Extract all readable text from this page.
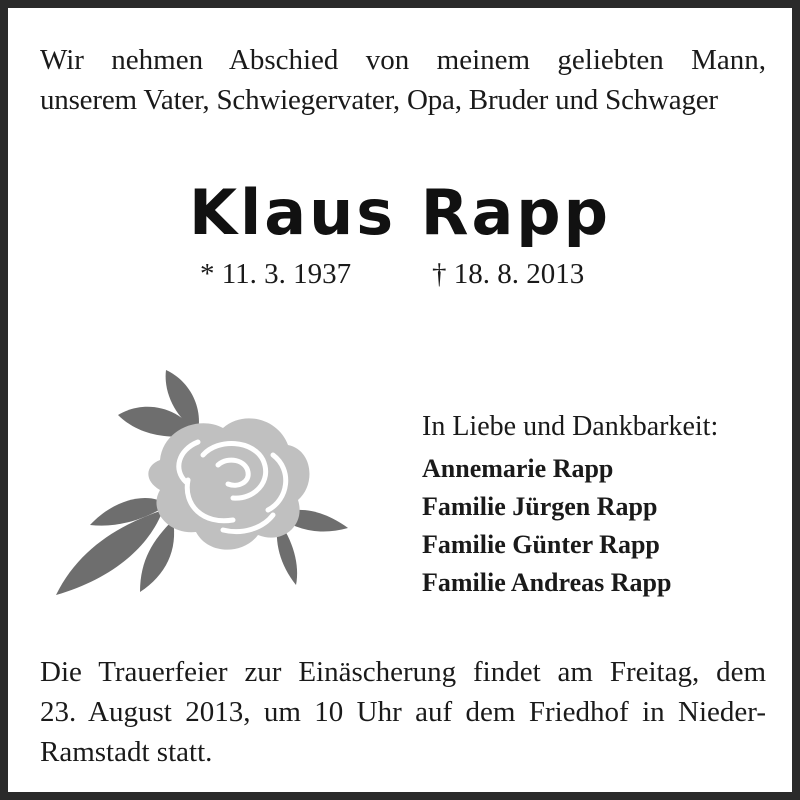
Wir nehmen Abschied von meinem geliebten Mann,
unserem Vater, Schwiegervater, Opa, Bruder und Schwager
Klaus Rapp
* 11. 3. 1937	† 18. 8. 2013
In Liebe und Dankbarkeit:
Annemarie Rapp
Familie Jürgen Rapp
Familie Günter Rapp
Familie Andreas Rapp
Die Trauerfeier zur Einäscherung findet am Freitag, dem
23. August 2013, um 10 Uhr auf dem Friedhof in Nieder-
Ramstadt statt.
